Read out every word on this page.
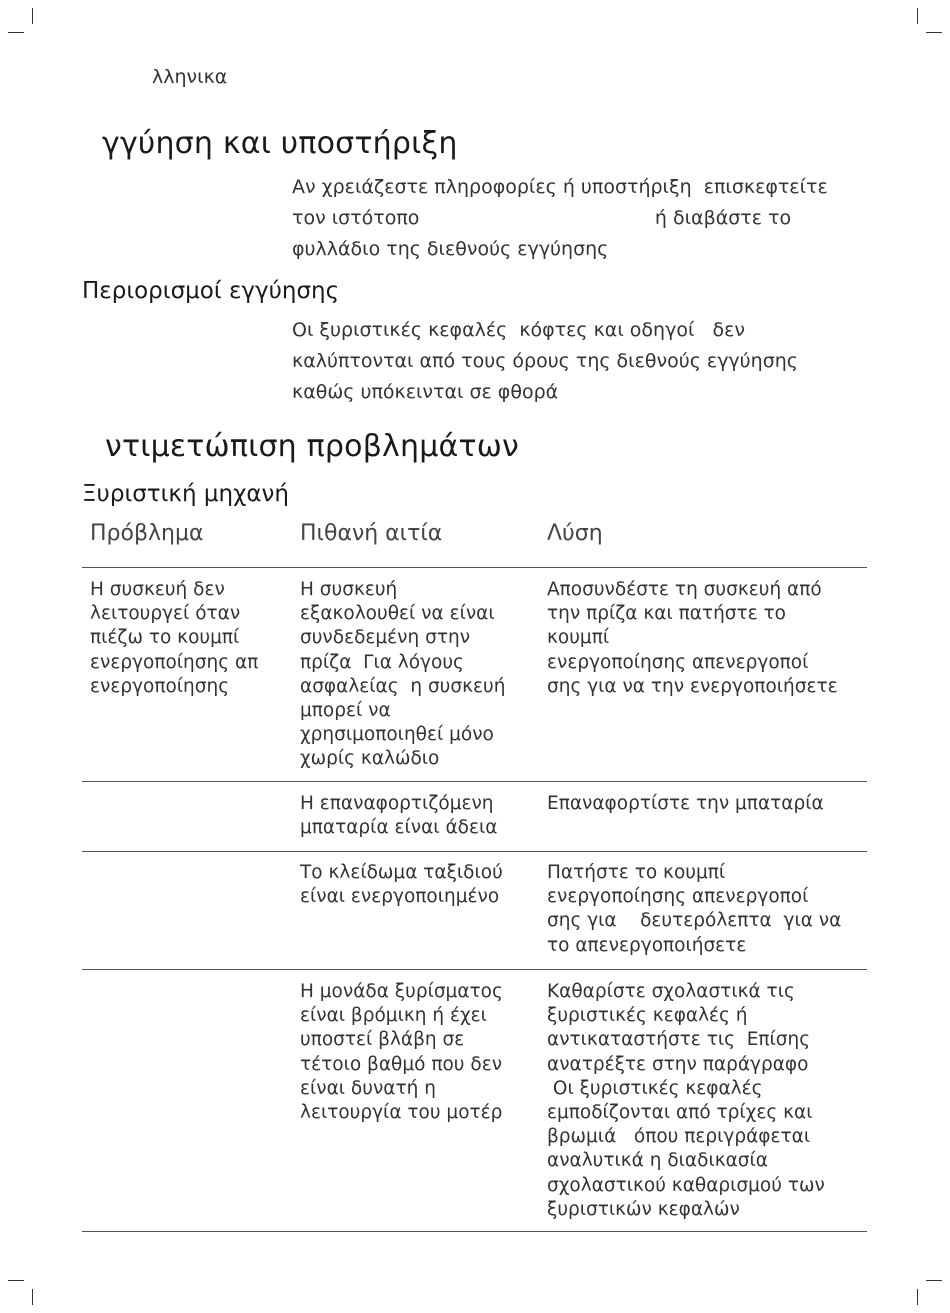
λληνικα
γγύηση και υποστήριξη
Αν χρειάζεστε πληροφορίες ή υποστήριξη  επισκεφτείτε
τον ιστότοπο                                       ή διαβάστε το
φυλλάδιο της διεθνούς εγγύησης
Περιορισμοί εγγύησης
Οι ξυριστικές κεφαλές  κόφτες και οδηγοί   δεν
καλύπτονται από τους όρους της διεθνούς εγγύησης
καθώς υπόκεινται σε φθορά
ντιμετώπιση προβλημάτων
Ξυριστική μηχανή
Πρόβλημα	Πιθανή αιτία	Λύση
Η συσκευή δεν
λειτουργεί όταν
πιέζω το κουμπί
ενεργοποίησης απ
ενεργοποίησης
Η συσκευή
εξακολουθεί να είναι
συνδεδεμένη στην
πρίζα  Για λόγους
ασφαλείας  η συσκευή
μπορεί να
χρησιμοποιηθεί μόνο
χωρίς καλώδιο
Αποσυνδέστε τη συσκευή από
την πρίζα και πατήστε το
κουμπί
ενεργοποίησης απενεργοποί
σης για να την ενεργοποιήσετε
Η επαναφορτιζόμενη
μπαταρία είναι άδεια
Επαναφορτίστε την μπαταρία
Το κλείδωμα ταξιδιού
είναι ενεργοποιημένο
Πατήστε το κουμπί
ενεργοποίησης απενεργοποί
σης για    δευτερόλεπτα  για να
το απενεργοποιήσετε
Η μονάδα ξυρίσματος
είναι βρόμικη ή έχει
υποστεί βλάβη σε
τέτοιο βαθμό που δεν
είναι δυνατή η
λειτουργία του μοτέρ
Καθαρίστε σχολαστικά τις
ξυριστικές κεφαλές ή
αντικαταστήστε τις  Επίσης
ανατρέξτε στην παράγραφο
Οι ξυριστικές κεφαλές
εμποδίζονται από τρίχες και
βρωμιά   όπου περιγράφεται
αναλυτικά η διαδικασία
σχολαστικού καθαρισμού των
ξυριστικών κεφαλών
